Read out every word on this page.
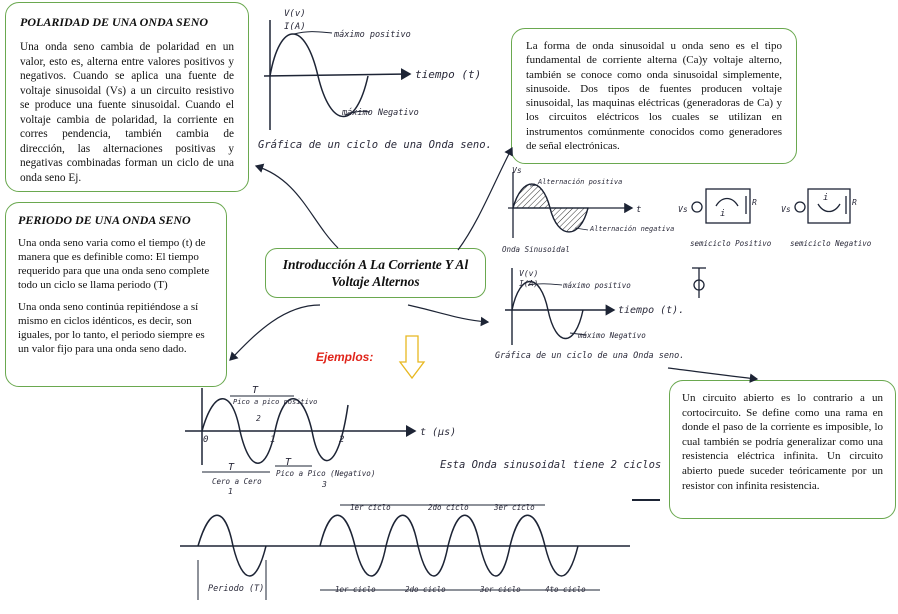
POLARIDAD DE UNA ONDA SENO

Una onda seno cambia de polaridad en un valor, esto es, alterna entre valores positivos y negativos. Cuando se aplica una fuente de voltaje sinusoidal (Vs) a un circuito resistivo se produce una fuente sinusoidal. Cuando el voltaje cambia de polaridad, la corriente en corres pendencia, también cambia de dirección, las alternaciones positivas y negativas combinadas forman un ciclo de una onda seno Ej.

PERIODO DE UNA ONDA SENO

Una onda seno varia como el tiempo (t) de manera que es definible como: El tiempo requerido para que una onda seno complete todo un ciclo se llama periodo (T)

Una onda seno continúa repitiéndose a sí mismo en ciclos idénticos, es decir, son iguales, por lo tanto, el periodo siempre es un valor fijo para una onda seno dado.

La forma de onda sinusoidal u onda seno es el tipo fundamental de corriente alterna (Ca)y voltaje alterno, también se conoce como onda sinusoidal simplemente, sinusoide. Dos tipos de fuentes producen voltaje sinusoidal, las maquinas eléctricas (generadoras de Ca) y los circuitos eléctricos los cuales se utilizan en instrumentos comúnmente conocidos como generadores de señal electrónicas.

Un circuito abierto es lo contrario a un cortocircuito. Se define como una rama en donde el paso de la corriente es imposible, lo cual también se podría generalizar como una resistencia eléctrica infinita. Un circuito abierto puede suceder teóricamente por un resistor con infinita resistencia.

Introducción A La Corriente Y Al Voltaje Alternos
Ejemplos:
V(v)
I(A)
máximo positivo
tiempo (t)
máximo Negativo
Gráfica de un ciclo de una Onda seno.
Vs
Alternación positiva
Alternación negativa
t
Onda Sinusoidal
Vs	Vs
R	R
i
i
semiciclo Positivo semiciclo Negativo
V(v)
I(A)	máximo positivo
tiempo (t).
máximo Negativo
Gráfica de un ciclo de una Onda seno.
T
Pico a pico positivo
2
t (μs)
0	1	2
T	T
Cero a Cero
Pico a Pico (Negativo)
1
3
Esta Onda sinusoidal tiene 2 ciclos
1er ciclo	2do ciclo	3er ciclo
1er ciclo	2do ciclo	3er ciclo	4to ciclo
Periodo (T)
